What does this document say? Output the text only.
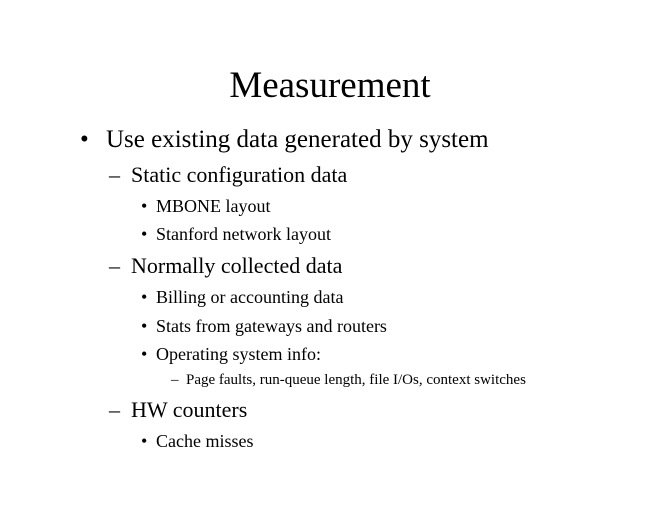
Measurement
• Use existing data generated by system
– Static configuration data
• MBONE layout
• Stanford network layout
– Normally collected data
• Billing or accounting data
• Stats from gateways and routers
• Operating system info:
– Page faults, run-queue length, file I/Os, context switches
– HW counters
• Cache misses
